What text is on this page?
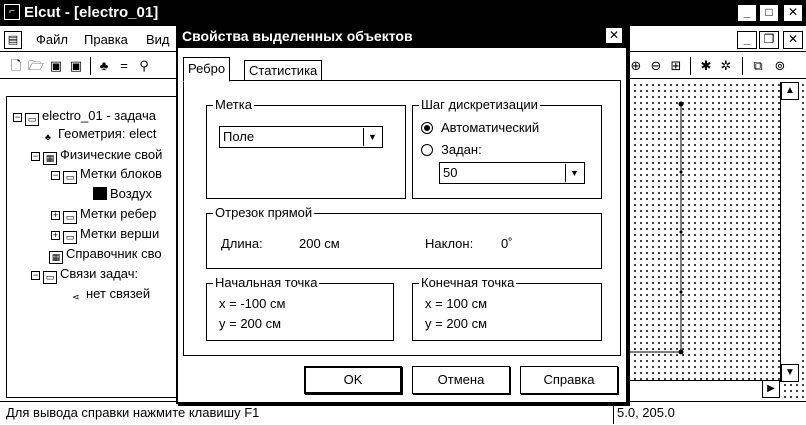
⌐ Elcut - [electro_01]	_	□	✕
▤ Файл Правка Вид	_	❐	✕
🗋 🗁 ▣ ▣ ♣ = ⚲	⊕ ⊖ ⊞ ✱ ✲ ⧉ ⊚
− ▭ electro_01 - задача
♣ Геометрия: elect
− ▦ Физические свой
− ▭ Метки блоков
Воздух
+ ▭ Метки ребер
+ ▭ Метки верши
▦ Справочник сво
− ▭ Связи задач:
⋖ нет связей
▲
▼
▶
Для вывода справки нажмите клавишу F1	5.0, 205.0
Свойства выделенных объектов	✕
Ребро	Статистика
Метка
Поле	▼
Шаг дискретизации
Автоматический
Задан:
50	▼
Отрезок прямой
Длина:	200 см	Наклон: 0˚
Начальная точка
x = -100 см
y = 200 см
Конечная точка
x = 100 см
y = 200 см
OK	Отмена	Справка
